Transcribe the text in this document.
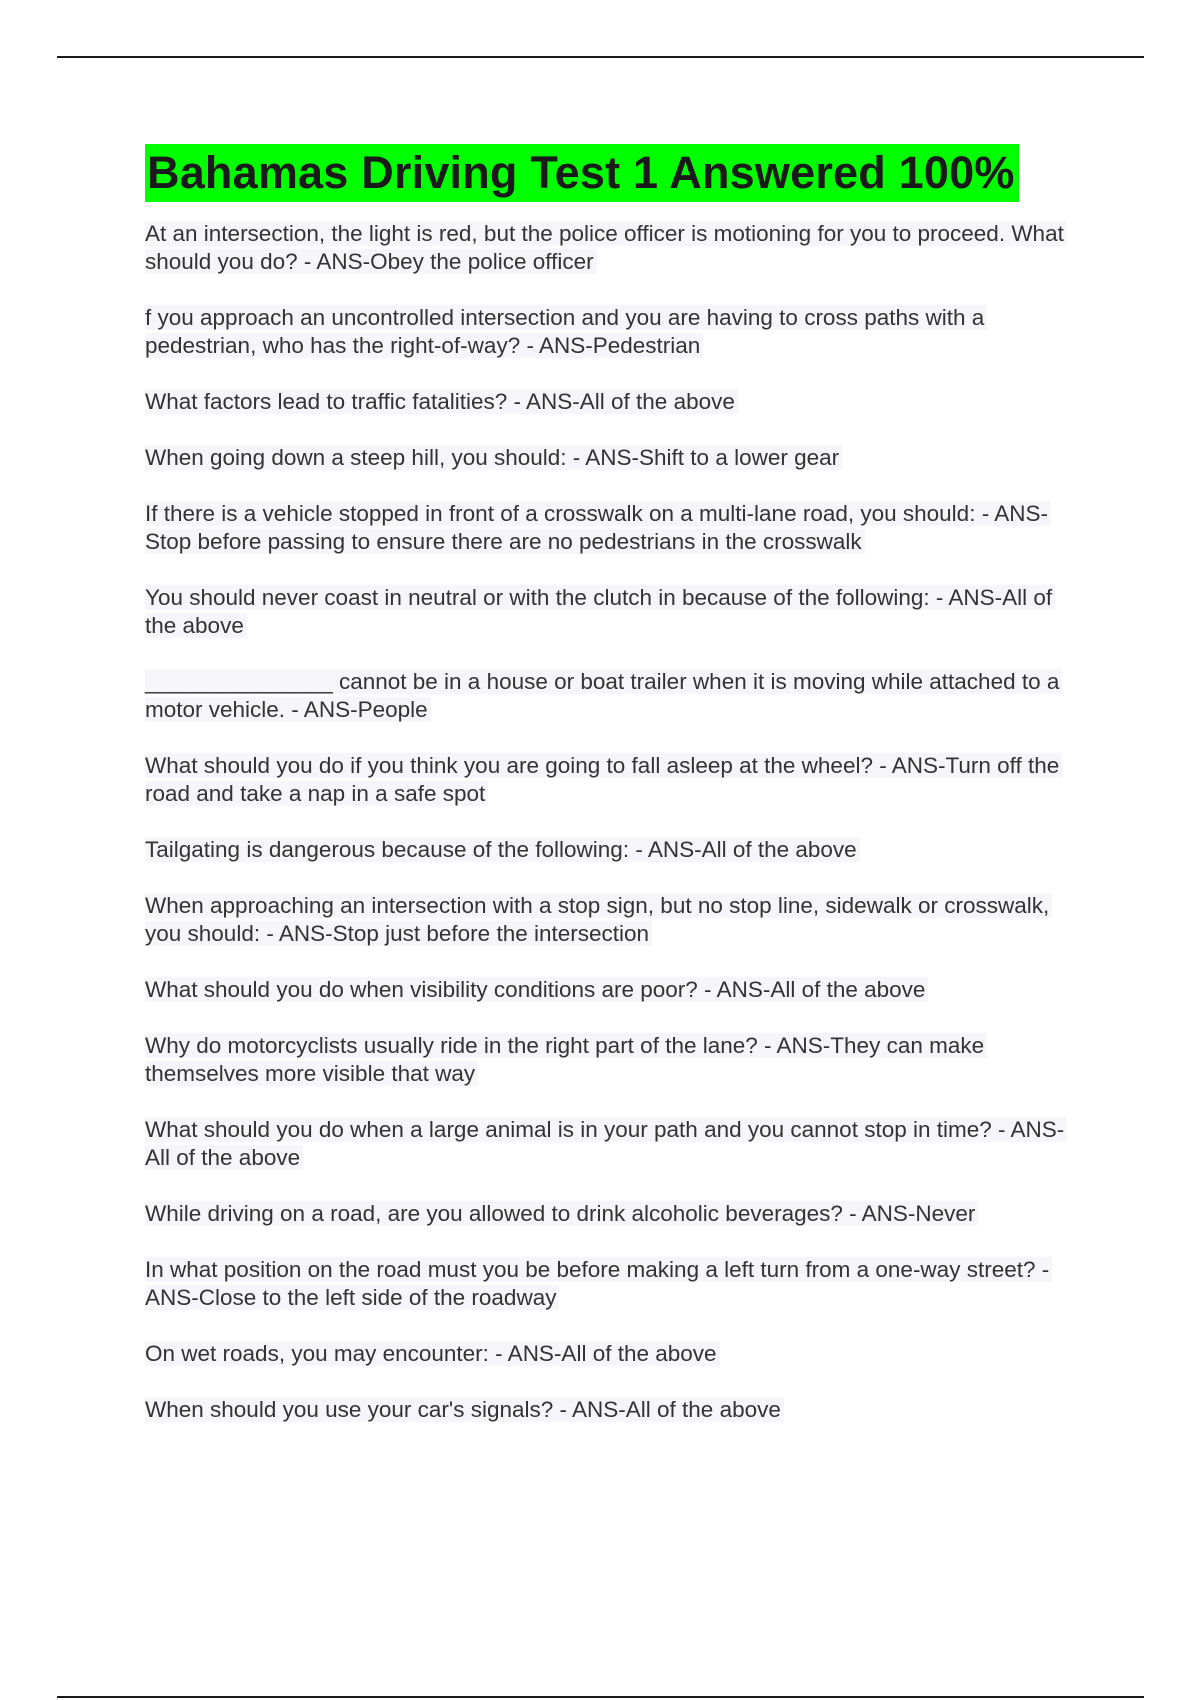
Bahamas Driving Test 1 Answered 100%
At an intersection, the light is red, but the police officer is motioning for you to proceed. What should you do? - ANS-Obey the police officer
f you approach an uncontrolled intersection and you are having to cross paths with a pedestrian, who has the right-of-way? - ANS-Pedestrian
What factors lead to traffic fatalities? - ANS-All of the above
When going down a steep hill, you should: - ANS-Shift to a lower gear
If there is a vehicle stopped in front of a crosswalk on a multi-lane road, you should: - ANS-Stop before passing to ensure there are no pedestrians in the crosswalk
You should never coast in neutral or with the clutch in because of the following: - ANS-All of the above
_______________ cannot be in a house or boat trailer when it is moving while attached to a motor vehicle. - ANS-People
What should you do if you think you are going to fall asleep at the wheel? - ANS-Turn off the road and take a nap in a safe spot
Tailgating is dangerous because of the following: - ANS-All of the above
When approaching an intersection with a stop sign, but no stop line, sidewalk or crosswalk, you should: - ANS-Stop just before the intersection
What should you do when visibility conditions are poor? - ANS-All of the above
Why do motorcyclists usually ride in the right part of the lane? - ANS-They can make themselves more visible that way
What should you do when a large animal is in your path and you cannot stop in time? - ANS-All of the above
While driving on a road, are you allowed to drink alcoholic beverages? - ANS-Never
In what position on the road must you be before making a left turn from a one-way street? - ANS-Close to the left side of the roadway
On wet roads, you may encounter: - ANS-All of the above
When should you use your car's signals? - ANS-All of the above
